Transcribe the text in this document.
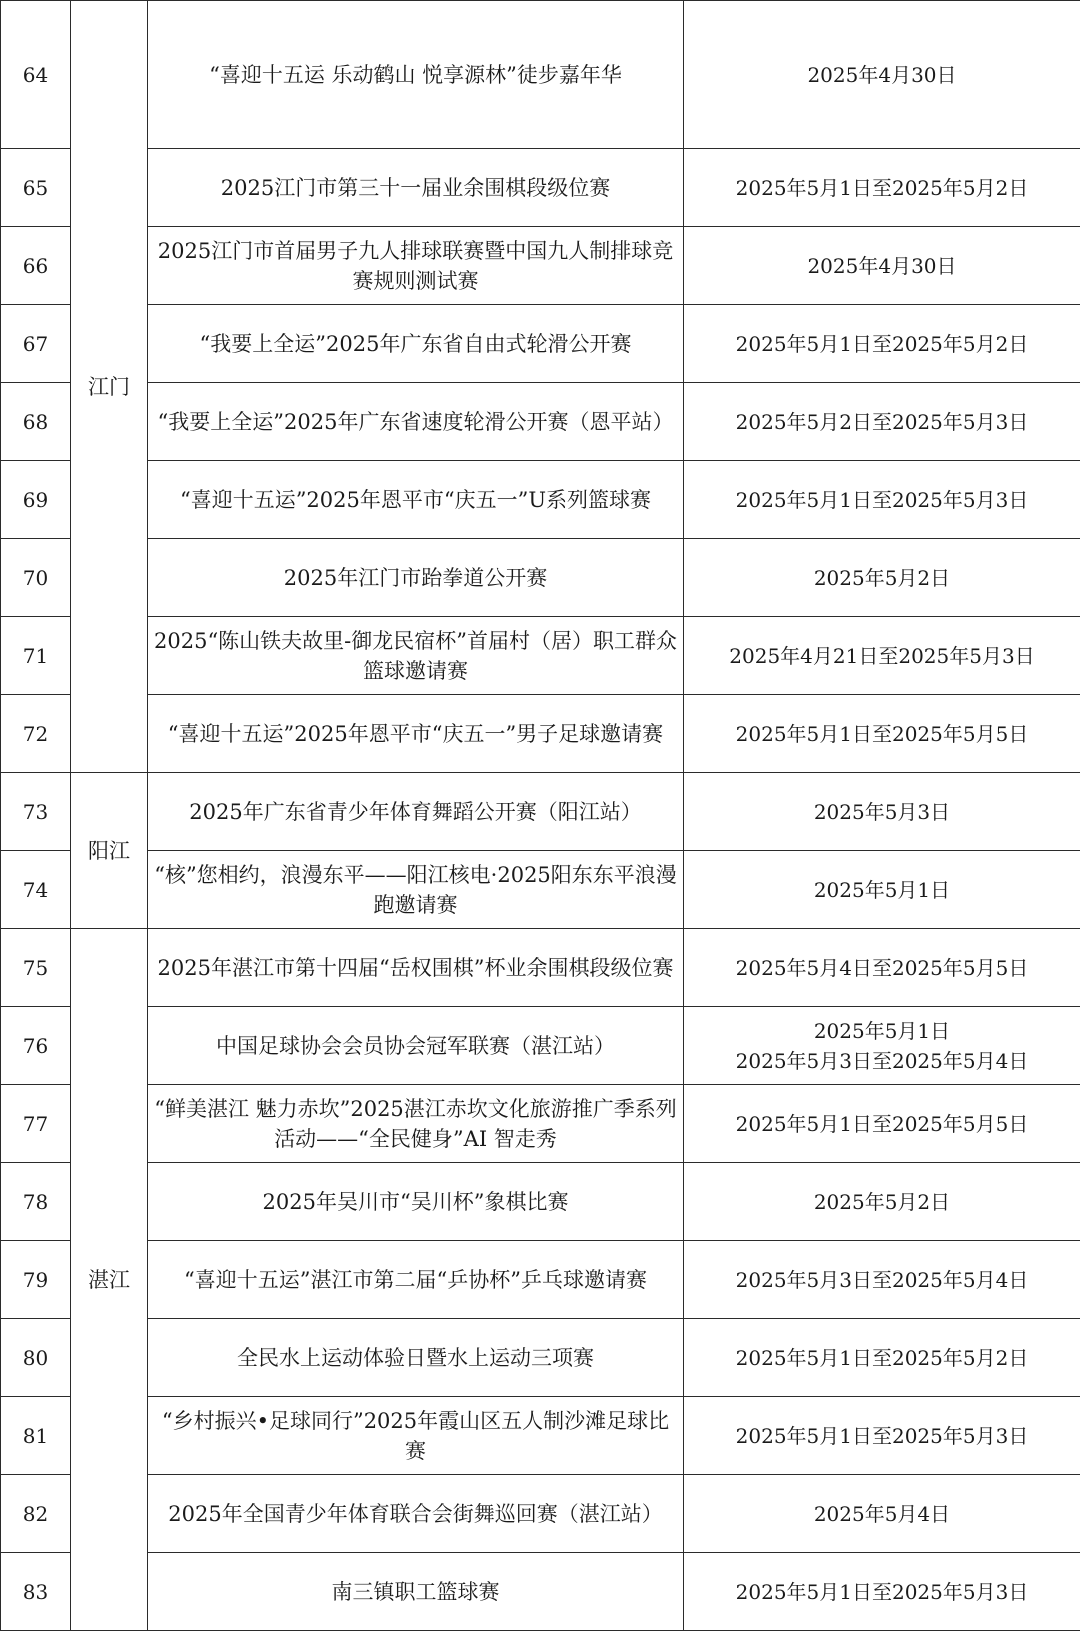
64	江门	“喜迎十五运 乐动鹤山 悦享源林”徒步嘉年华	2025年4月30日
65		2025江门市第三十一届业余围棋段级位赛	2025年5月1日至2025年5月2日
66		2025江门市首届男子九人排球联赛暨中国九人制排球竞赛规则测试赛	2025年4月30日
67		“我要上全运”2025年广东省自由式轮滑公开赛	2025年5月1日至2025年5月2日
68		“我要上全运”2025年广东省速度轮滑公开赛（恩平站）	2025年5月2日至2025年5月3日
69		“喜迎十五运”2025年恩平市“庆五一”U系列篮球赛	2025年5月1日至2025年5月3日
70		2025年江门市跆拳道公开赛	2025年5月2日
71		2025“陈山铁夫故里-御龙民宿杯”首届村（居）职工群众篮球邀请赛	2025年4月21日至2025年5月3日
72		“喜迎十五运”2025年恩平市“庆五一”男子足球邀请赛	2025年5月1日至2025年5月5日
73	阳江	2025年广东省青少年体育舞蹈公开赛（阳江站）	2025年5月3日
74		“核”您相约，浪漫东平——阳江核电·2025阳东东平浪漫跑邀请赛	2025年5月1日
75	湛江	2025年湛江市第十四届“岳权围棋”杯业余围棋段级位赛	2025年5月4日至2025年5月5日
76		中国足球协会会员协会冠军联赛（湛江站）	2025年5月1日
2025年5月3日至2025年5月4日

77		“鲜美湛江 魅力赤坎”2025湛江赤坎文化旅游推广季系列活动——“全民健身”AI 智走秀	2025年5月1日至2025年5月5日
78		2025年吴川市“吴川杯”象棋比赛	2025年5月2日
79		“喜迎十五运”湛江市第二届“乒协杯”乒乓球邀请赛	2025年5月3日至2025年5月4日
80		全民水上运动体验日暨水上运动三项赛	2025年5月1日至2025年5月2日
81		“乡村振兴•足球同行”2025年霞山区五人制沙滩足球比赛	2025年5月1日至2025年5月3日
82		2025年全国青少年体育联合会街舞巡回赛（湛江站）	2025年5月4日
83		南三镇职工篮球赛	2025年5月1日至2025年5月3日
